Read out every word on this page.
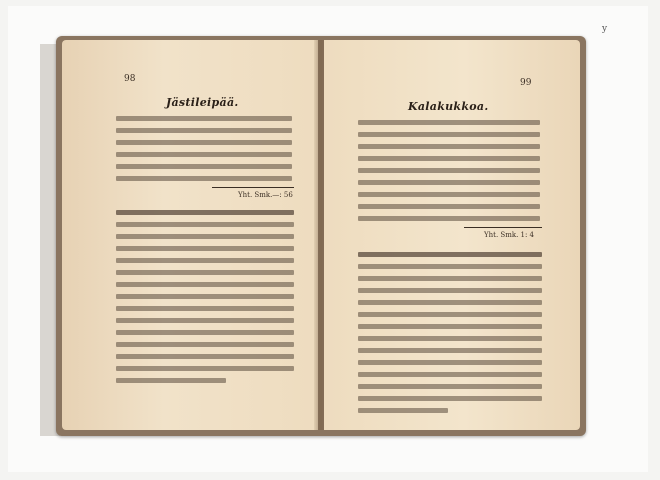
y
98
Jästileipää.
Yht. Smk.—: 56
99
Kalakukkoa.
Yht. Smk. 1: 4
